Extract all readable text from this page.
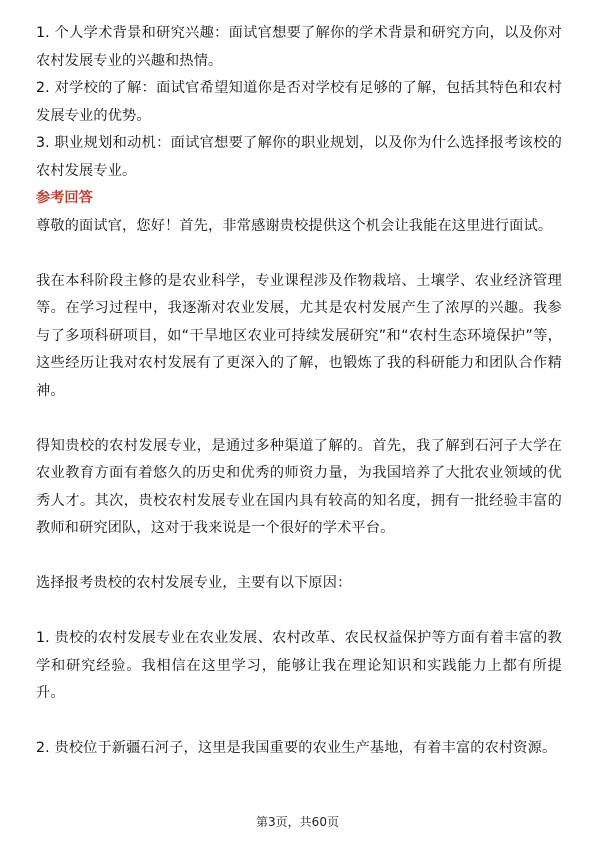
1. 个人学术背景和研究兴趣：面试官想要了解你的学术背景和研究方向，以及你对农村发展专业的兴趣和热情。

2. 对学校的了解：面试官希望知道你是否对学校有足够的了解，包括其特色和农村发展专业的优势。

3. 职业规划和动机：面试官想要了解你的职业规划，以及你为什么选择报考该校的农村发展专业。

参考回答

尊敬的面试官，您好！首先，非常感谢贵校提供这个机会让我能在这里进行面试。

我在本科阶段主修的是农业科学，专业课程涉及作物栽培、土壤学、农业经济管理等。在学习过程中，我逐渐对农业发展，尤其是农村发展产生了浓厚的兴趣。我参与了多项科研项目，如“干旱地区农业可持续发展研究”和“农村生态环境保护”等，这些经历让我对农村发展有了更深入的了解，也锻炼了我的科研能力和团队合作精神。

得知贵校的农村发展专业，是通过多种渠道了解的。首先，我了解到石河子大学在农业教育方面有着悠久的历史和优秀的师资力量，为我国培养了大批农业领域的优秀人才。其次，贵校农村发展专业在国内具有较高的知名度，拥有一批经验丰富的教师和研究团队，这对于我来说是一个很好的学术平台。

选择报考贵校的农村发展专业，主要有以下原因：

1. 贵校的农村发展专业在农业发展、农村改革、农民权益保护等方面有着丰富的教学和研究经验。我相信在这里学习，能够让我在理论知识和实践能力上都有所提升。

2. 贵校位于新疆石河子，这里是我国重要的农业生产基地，有着丰富的农村资源。

第3页，共60页
